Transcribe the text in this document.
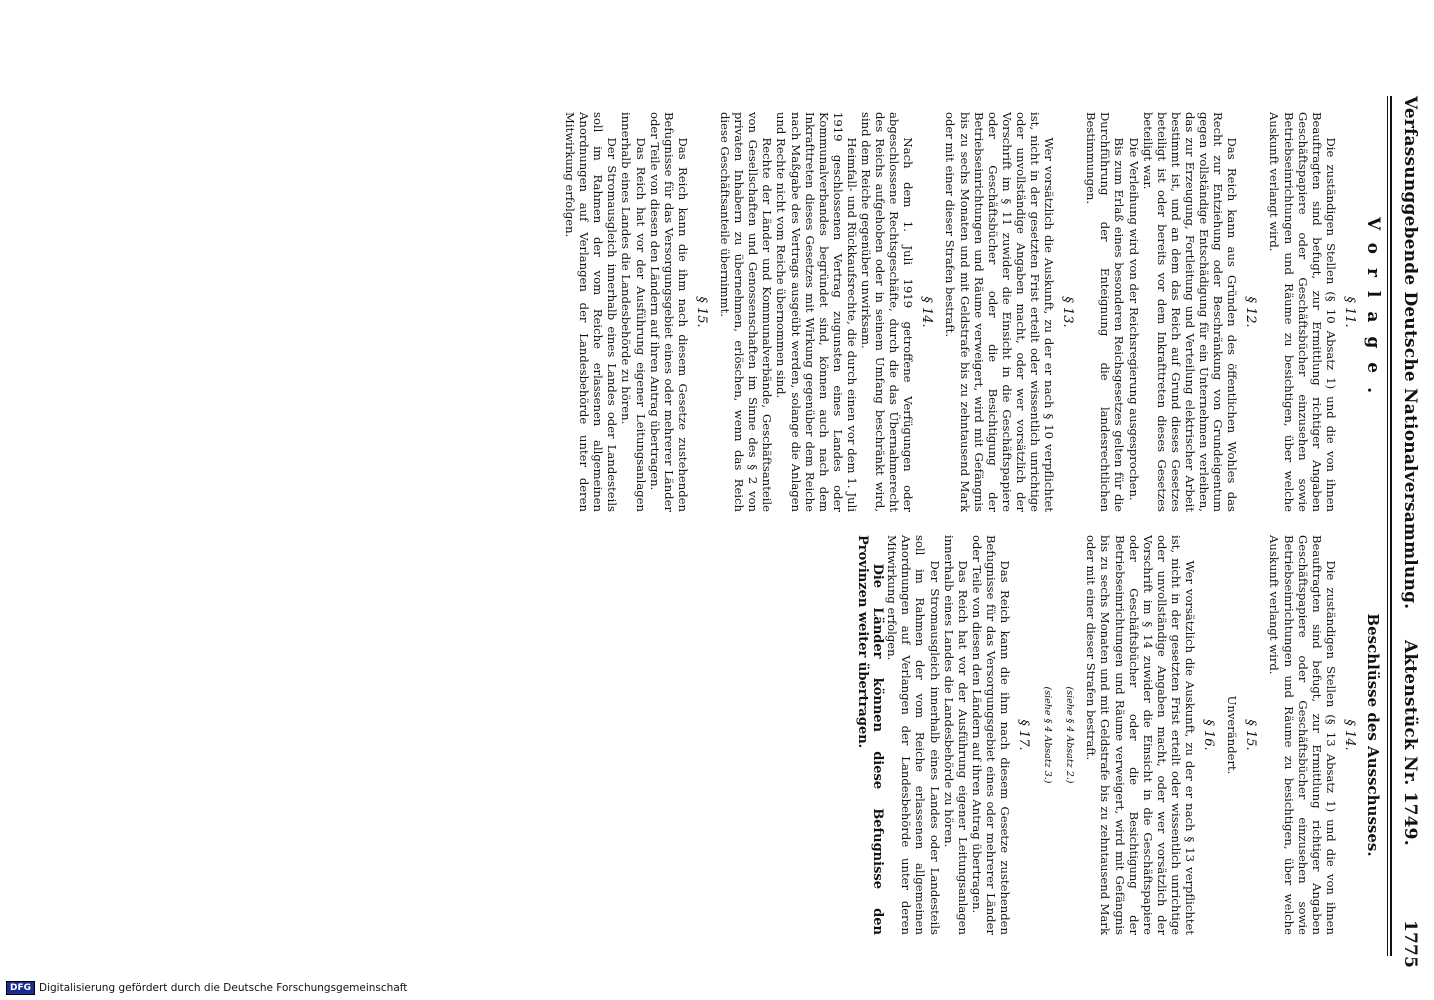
Verfassunggebende Deutsche Nationalversammlung.
Aktenstück Nr. 1749.
1775
Vorlage.
§ 11.

Die zuständigen Stellen (§ 10 Absatz 1) und die von ihnen Beauftragten sind befugt, zur Ermittlung richtiger Angaben Geschäftspapiere oder Geschäftsbücher einzusehen sowie Betriebseinrichtungen und Räume zu besichtigen, über welche Auskunft verlangt wird.

§ 12.

Das Reich kann aus Gründen des öffentlichen Wohles das Recht zur Entziehung oder Beschränkung von Grundeigentum gegen vollständige Entschädigung für ein Unternehmen verleihen, das zur Erzeugung, Fortleitung und Verteilung elektrischer Arbeit bestimmt ist, und an dem das Reich auf Grund dieses Gesetzes beteiligt ist oder bereits vor dem Inkrafttreten dieses Gesetzes beteiligt war.

Die Verleihung wird von der Reichsregierung ausgesprochen.

Bis zum Erlaß eines besonderen Reichsgesetzes gelten für die Durchführung der Enteignung die landesrechtlichen Bestimmungen.

§ 13.

Wer vorsätzlich die Auskunft, zu der er nach § 10 verpflichtet ist, nicht in der gesetzten Frist erteilt oder wissentlich unrichtige oder unvollständige Angaben macht, oder wer vorsätzlich der Vorschrift im § 11 zuwider die Einsicht in die Geschäftspapiere oder Geschäftsbücher oder die Besichtigung der Betriebseinrichtungen und Räume verweigert, wird mit Gefängnis bis zu sechs Monaten und mit Geldstrafe bis zu zehntausend Mark oder mit einer dieser Strafen bestraft.

§ 14.

Nach dem 1. Juli 1919 getroffene Verfügungen oder abgeschlossene Rechtsgeschäfte, durch die das Übernahmerecht des Reichs aufgehoben oder in seinem Umfang beschränkt wird, sind dem Reiche gegenüber unwirksam.

Heimfall- und Rückkaufsrechte, die durch einen vor dem 1. Juli 1919 geschlossenen Vertrag zugunsten eines Landes oder Kommunalverbandes begründet sind, können auch nach dem Inkrafttreten dieses Gesetzes mit Wirkung gegenüber dem Reiche nach Maßgabe des Vertrags ausgeübt werden, solange die Anlagen und Rechte nicht vom Reiche übernommen sind.

Rechte der Länder und Kommunalverbände, Geschäftsanteile von Gesellschaften und Genossenschaften im Sinne des § 2 von privaten Inhabern zu übernehmen, erlöschen, wenn das Reich diese Geschäftsanteile übernimmt.

§ 15.

Das Reich kann die ihm nach diesem Gesetze zustehenden Befugnisse für das Versorgungsgebiet eines oder mehrerer Länder oder Teile von diesen den Ländern auf ihren Antrag übertragen.

Das Reich hat vor der Ausführung eigener Leitungsanlagen innerhalb eines Landes die Landesbehörde zu hören.

Der Stromausgleich innerhalb eines Landes oder Landesteils soll im Rahmen der vom Reiche erlassenen allgemeinen Anordnungen auf Verlangen der Landesbehörde unter deren Mitwirkung erfolgen.

Beschlüsse des Ausschusses.
§ 14.

Die zuständigen Stellen (§ 13 Absatz 1) und die von ihnen Beauftragten sind befugt, zur Ermittlung richtiger Angaben Geschäftspapiere oder Geschäftsbücher einzusehen sowie Betriebseinrichtungen und Räume zu besichtigen, über welche Auskunft verlangt wird.

§ 15.

Unverändert.

§ 16.

Wer vorsätzlich die Auskunft, zu der er nach § 13 verpflichtet ist, nicht in der gesetzten Frist erteilt oder wissentlich unrichtige oder unvollständige Angaben macht, oder wer vorsätzlich der Vorschrift im § 14 zuwider die Einsicht in die Geschäftspapiere oder Geschäftsbücher oder die Besichtigung der Betriebseinrichtungen und Räume verweigert, wird mit Gefängnis bis zu sechs Monaten und mit Geldstrafe bis zu zehntausend Mark oder mit einer dieser Strafen bestraft.

(siehe § 4 Absatz 2.)

(siehe § 4 Absatz 3.)

§ 17.

Das Reich kann die ihm nach diesem Gesetze zustehenden Befugnisse für das Versorgungsgebiet eines oder mehrerer Länder oder Teile von diesen den Ländern auf ihren Antrag übertragen.

Das Reich hat vor der Ausführung eigener Leitungsanlagen innerhalb eines Landes die Landesbehörde zu hören.

Der Stromausgleich innerhalb eines Landes oder Landesteils soll im Rahmen der vom Reiche erlassenen allgemeinen Anordnungen auf Verlangen der Landesbehörde unter deren Mitwirkung erfolgen.

Die Länder können diese Befugnisse den Provinzen weiter übertragen.

DFG Digitalisierung gefördert durch die Deutsche Forschungsgemeinschaft
